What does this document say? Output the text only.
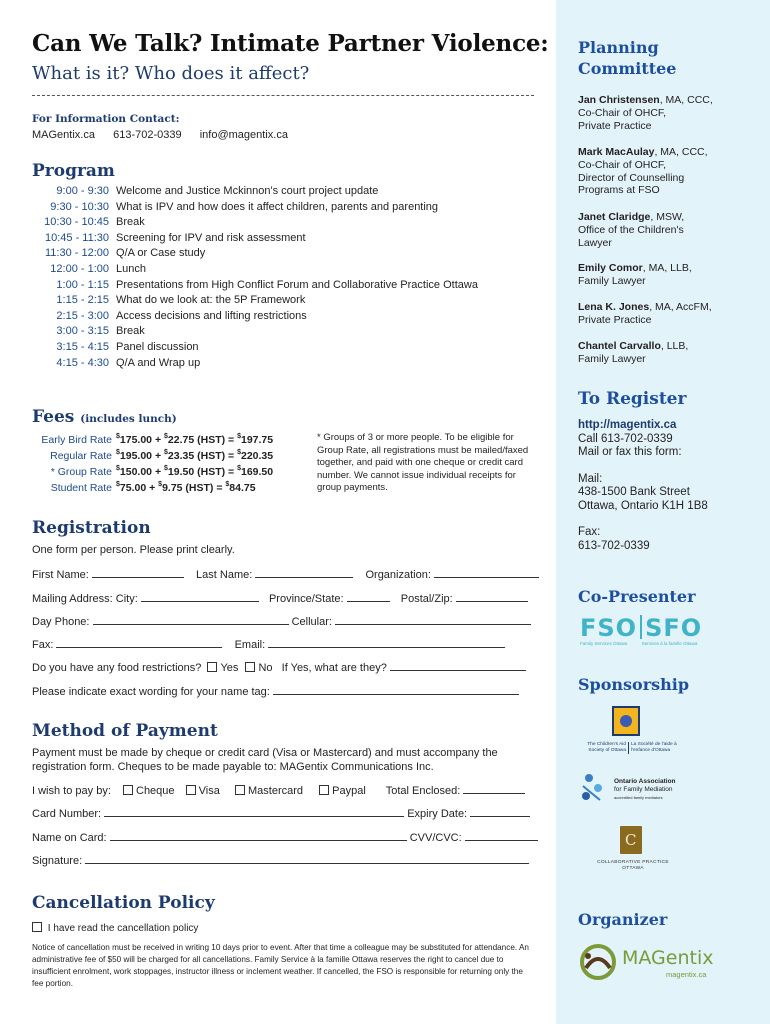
Can We Talk? Intimate Partner Violence:
What is it? Who does it affect?
For Information Contact:
MAGentix.ca 613-702-0339 info@magentix.ca
Program
9:00 - 9:30 Welcome and Justice Mckinnon's court project update
9:30 - 10:30 What is IPV and how does it affect children, parents and parenting
10:30 - 10:45 Break
10:45 - 11:30 Screening for IPV and risk assessment
11:30 - 12:00 Q/A or Case study
12:00 - 1:00 Lunch
1:00 - 1:15 Presentations from High Conflict Forum and Collaborative Practice Ottawa
1:15 - 2:15 What do we look at: the 5P Framework
2:15 - 3:00 Access decisions and lifting restrictions
3:00 - 3:15 Break
3:15 - 4:15 Panel discussion
4:15 - 4:30 Q/A and Wrap up
Fees (includes lunch)
Early Bird Rate $175.00 + $22.75 (HST) = $197.75
Regular Rate $195.00 + $23.35 (HST) = $220.35
* Group Rate $150.00 + $19.50 (HST) = $169.50
Student Rate $75.00 + $9.75 (HST) = $84.75
* Groups of 3 or more people. To be eligible for Group Rate, all registrations must be mailed/faxed together, and paid with one cheque or credit card number. We cannot issue individual receipts for group payments.
Registration
One form per person. Please print clearly.
First Name:	Last Name:	Organization:
Mailing Address: City:	Province/State:	Postal/Zip:
Day Phone:	Cellular:
Fax:	Email:
Do you have any food restrictions? Yes No If Yes, what are they?
Please indicate exact wording for your name tag:
Method of Payment
Payment must be made by cheque or credit card (Visa or Mastercard) and must accompany the registration form. Cheques to be made payable to: MAGentix Communications Inc.
I wish to pay by: Cheque Visa	Mastercard	Paypal Total Enclosed:
Card Number:	Expiry Date:
Name on Card:	CVV/CVC:
Signature:
Cancellation Policy
I have read the cancellation policy
Notice of cancellation must be received in writing 10 days prior to event. After that time a colleague may be substituted for attendance. An administrative fee of $50 will be charged for all cancellations. Family Service à la famille Ottawa reserves the right to cancel due to insufficient enrolment, work stoppages, instructor illness or inclement weather. If cancelled, the FSO is responsible for returning only the fee portion.
Planning
Committee
Jan Christensen, MA, CCC,
Co-Chair of OHCF,
Private Practice
Mark MacAulay, MA, CCC,
Co-Chair of OHCF,
Director of Counselling
Programs at FSO
Janet Claridge, MSW,
Office of the Children's
Lawyer
Emily Comor, MA, LLB,
Family Lawyer
Lena K. Jones, MA, AccFM,
Private Practice
Chantel Carvallo, LLB,
Family Lawyer
To Register
http://magentix.ca
Call 613-702-0339
Mail or fax this form:
Mail:
438-1500 Bank Street
Ottawa, Ontario K1H 1B8
Fax:
613-702-0339
Co-Presenter
FSO SFO
Family Services Ottawa	Services à la famille Ottawa
Sponsorship
The Children's Aid Society of Ottawa
La Société de l'aide à l'enfance d'Ottawa
Ontario Association
for Family Mediation
accredited family mediators
C
COLLABORATIVE PRACTICE
OTTAWA
Organizer
MAGentix
magentix.ca
